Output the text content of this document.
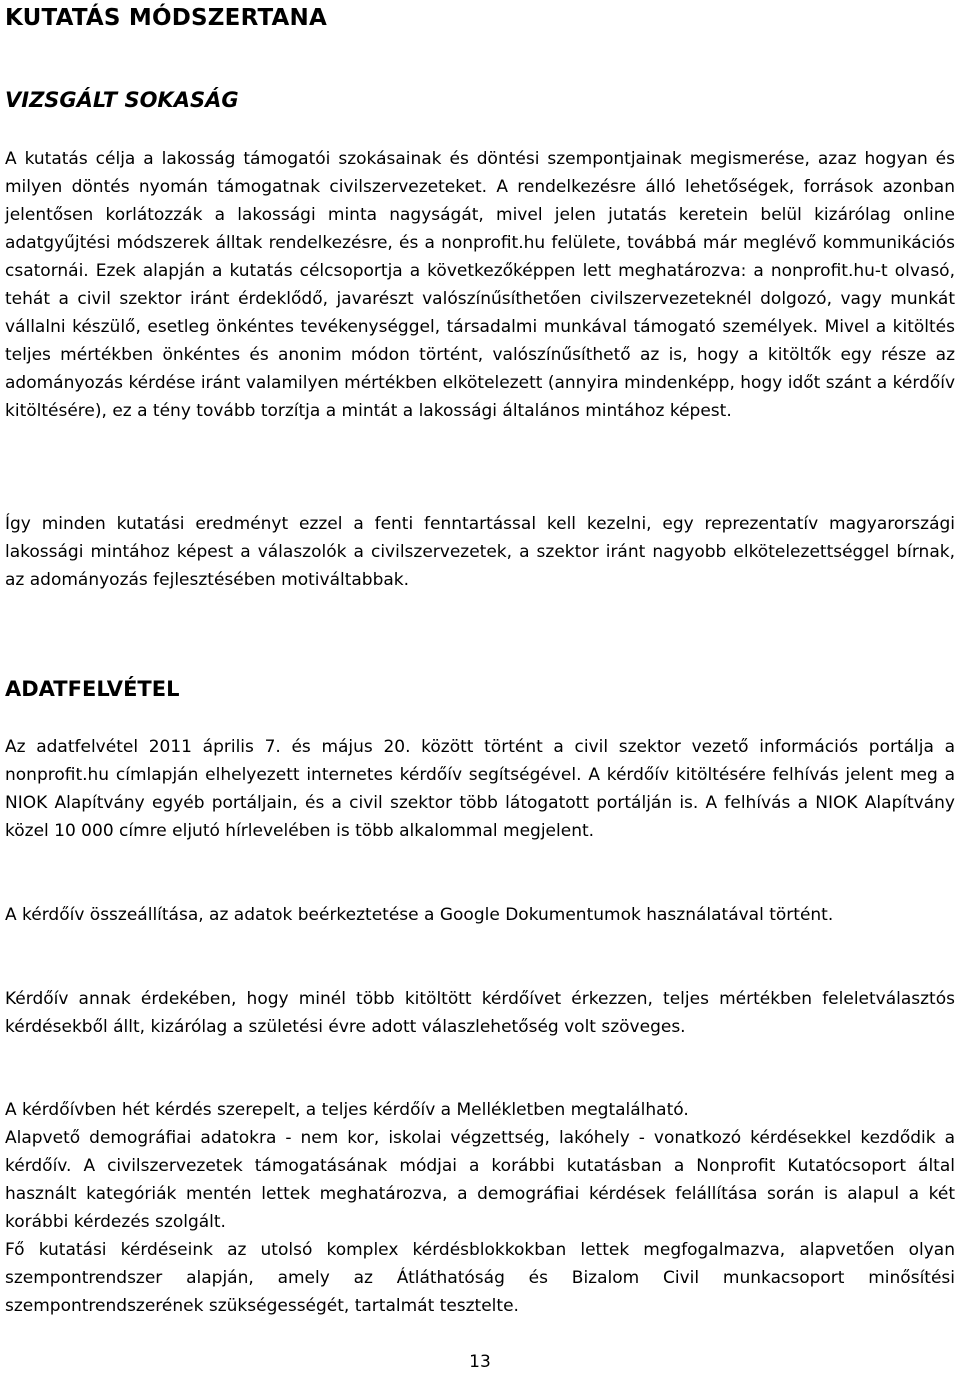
KUTATÁS MÓDSZERTANA
VIZSGÁLT SOKASÁG

A kutatás célja a lakosság támogatói szokásainak és döntési szempontjainak megismerése, azaz hogyan és milyen döntés nyomán támogatnak civilszervezeteket. A rendelkezésre álló lehetőségek, források azonban jelentősen korlátozzák a lakossági minta nagyságát, mivel jelen jutatás keretein belül kizárólag online adatgyűjtési módszerek álltak rendelkezésre, és a nonprofit.hu felülete, továbbá már meglévő kommunikációs csatornái. Ezek alapján a kutatás célcsoportja a következőképpen lett meghatározva: a nonprofit.hu-t olvasó, tehát a civil szektor iránt érdeklődő, javarészt valószínűsíthetően civilszervezeteknél dolgozó, vagy munkát vállalni készülő, esetleg önkéntes tevékenységgel, társadalmi munkával támogató személyek. Mivel a kitöltés teljes mértékben önkéntes és anonim módon történt, valószínűsíthető az is, hogy a kitöltők egy része az adományozás kérdése iránt valamilyen mértékben elkötelezett (annyira mindenképp, hogy időt szánt a kérdőív kitöltésére), ez a tény tovább torzítja a mintát a lakossági általános mintához képest.

Így minden kutatási eredményt ezzel a fenti fenntartással kell kezelni, egy reprezentatív magyarországi lakossági mintához képest a válaszolók a civilszervezetek, a szektor iránt nagyobb elkötelezettséggel bírnak, az adományozás fejlesztésében motiváltabbak.

ADATFELVÉTEL

Az adatfelvétel 2011 április 7. és május 20. között történt a civil szektor vezető információs portálja a nonprofit.hu címlapján elhelyezett internetes kérdőív segítségével. A kérdőív kitöltésére felhívás jelent meg a NIOK Alapítvány egyéb portáljain, és a civil szektor több látogatott portálján is. A felhívás a NIOK Alapítvány közel 10 000 címre eljutó hírlevelében is több alkalommal megjelent.

A kérdőív összeállítása, az adatok beérkeztetése a Google Dokumentumok használatával történt.

Kérdőív annak érdekében, hogy minél több kitöltött kérdőívet érkezzen, teljes mértékben feleletválasztós kérdésekből állt, kizárólag a születési évre adott válaszlehetőség volt szöveges.

A kérdőívben hét kérdés szerepelt, a teljes kérdőív a Mellékletben megtalálható.

Alapvető demográfiai adatokra - nem kor, iskolai végzettség, lakóhely - vonatkozó kérdésekkel kezdődik a kérdőív. A civilszervezetek támogatásának módjai a korábbi kutatásban a Nonprofit Kutatócsoport által használt kategóriák mentén lettek meghatározva, a demográfiai kérdések felállítása során is alapul a két korábbi kérdezés szolgált.

Fő kutatási kérdéseink az utolsó komplex kérdésblokkokban lettek megfogalmazva, alapvetően olyan szempontrendszer alapján, amely az Átláthatóság és Bizalom Civil munkacsoport minősítési szempontrendszerének szükségességét, tartalmát tesztelte.

13
